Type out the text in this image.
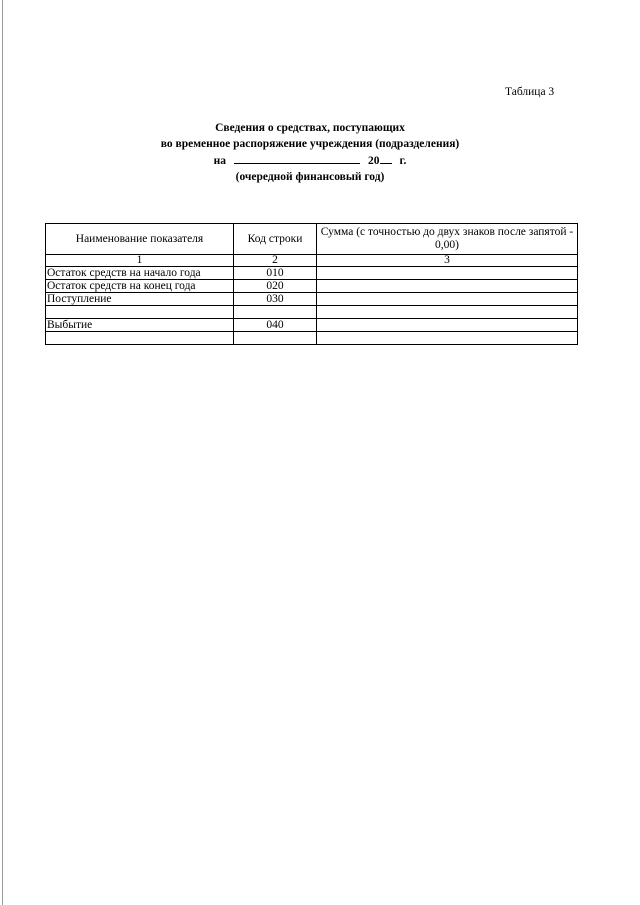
Таблица 3
Сведения о средствах, поступающих
во временное распоряжение учреждения (подразделения)
на	20 г.
(очередной финансовый год)
Наименование показателя	Код строки	Сумма (с точностью до двух знаков после запятой - 0,00)
1	2	3
Остаток средств на начало года	010	
Остаток средств на конец года	020	
Поступление	030	

Выбытие	040	
